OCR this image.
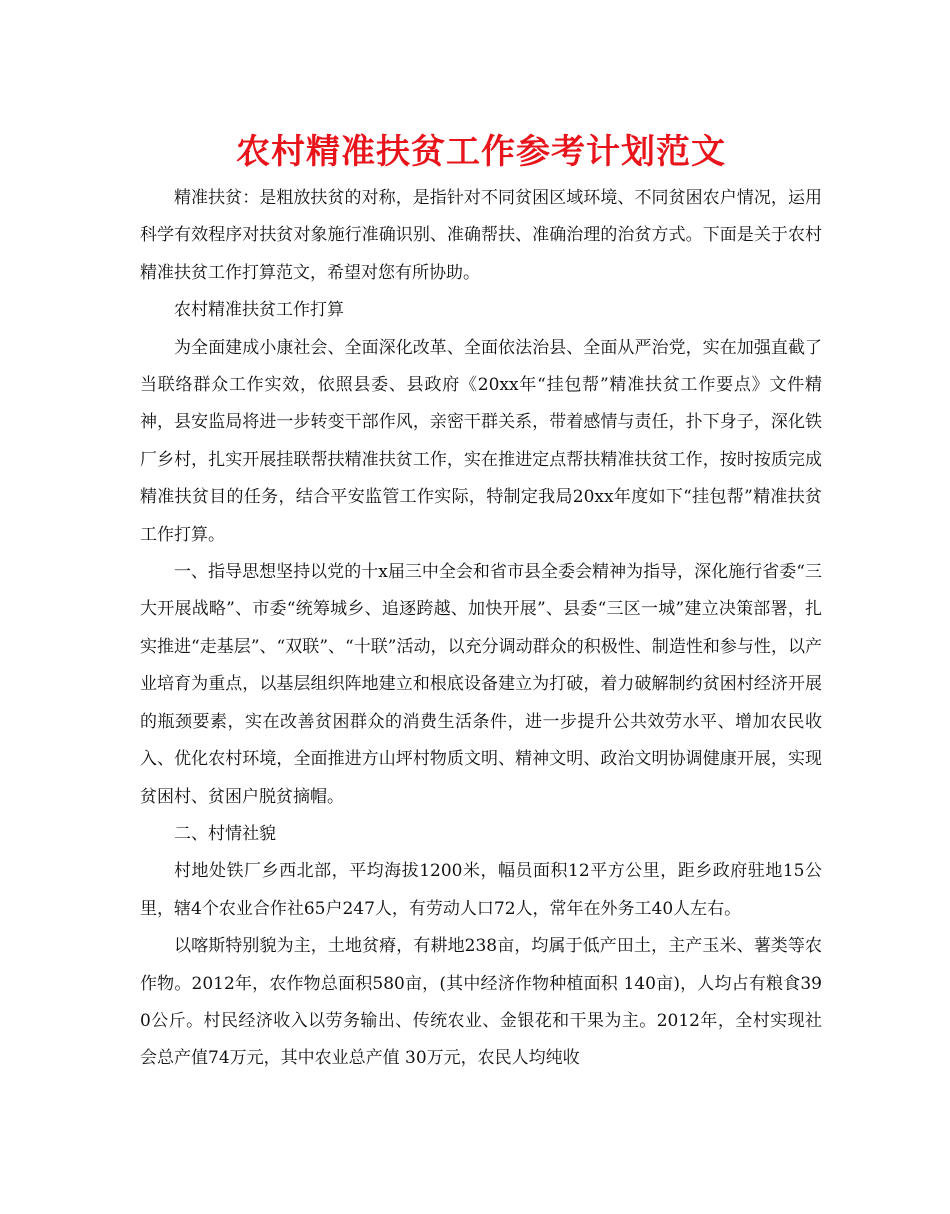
农村精准扶贫工作参考计划范文

精准扶贫：是粗放扶贫的对称，是指针对不同贫困区域环境、不同贫困农户情况，运用科学有效程序对扶贫对象施行准确识别、准确帮扶、准确治理的治贫方式。下面是关于农村精准扶贫工作打算范文，希望对您有所协助。

农村精准扶贫工作打算

为全面建成小康社会、全面深化改革、全面依法治县、全面从严治党，实在加强直截了当联络群众工作实效，依照县委、县政府《20xx年“挂包帮”精准扶贫工作要点》文件精神，县安监局将进一步转变干部作风，亲密干群关系，带着感情与责任，扑下身子，深化铁厂乡村，扎实开展挂联帮扶精准扶贫工作，实在推进定点帮扶精准扶贫工作，按时按质完成精准扶贫目的任务，结合平安监管工作实际，特制定我局20xx年度如下“挂包帮”精准扶贫工作打算。

一、指导思想坚持以党的十x届三中全会和省市县全委会精神为指导，深化施行省委“三大开展战略”、市委“统筹城乡、追逐跨越、加快开展”、县委“三区一城”建立决策部署，扎实推进“走基层”、“双联”、“十联”活动，以充分调动群众的积极性、制造性和参与性，以产业培育为重点，以基层组织阵地建立和根底设备建立为打破，着力破解制约贫困村经济开展的瓶颈要素，实在改善贫困群众的消费生活条件，进一步提升公共效劳水平、增加农民收入、优化农村环境，全面推进方山坪村物质文明、精神文明、政治文明协调健康开展，实现贫困村、贫困户脱贫摘帽。

二、村情社貌

村地处铁厂乡西北部，平均海拔1200米，幅员面积12平方公里，距乡政府驻地15公里，辖4个农业合作社65户247人，有劳动人口72人，常年在外务工40人左右。

以喀斯特别貌为主，土地贫瘠，有耕地238亩，均属于低产田土，主产玉米、薯类等农作物。2012年，农作物总面积580亩，(其中经济作物种植面积 140亩)，人均占有粮食390公斤。村民经济收入以劳务输出、传统农业、金银花和干果为主。2012年，全村实现社会总产值74万元，其中农业总产值 30万元，农民人均纯收
